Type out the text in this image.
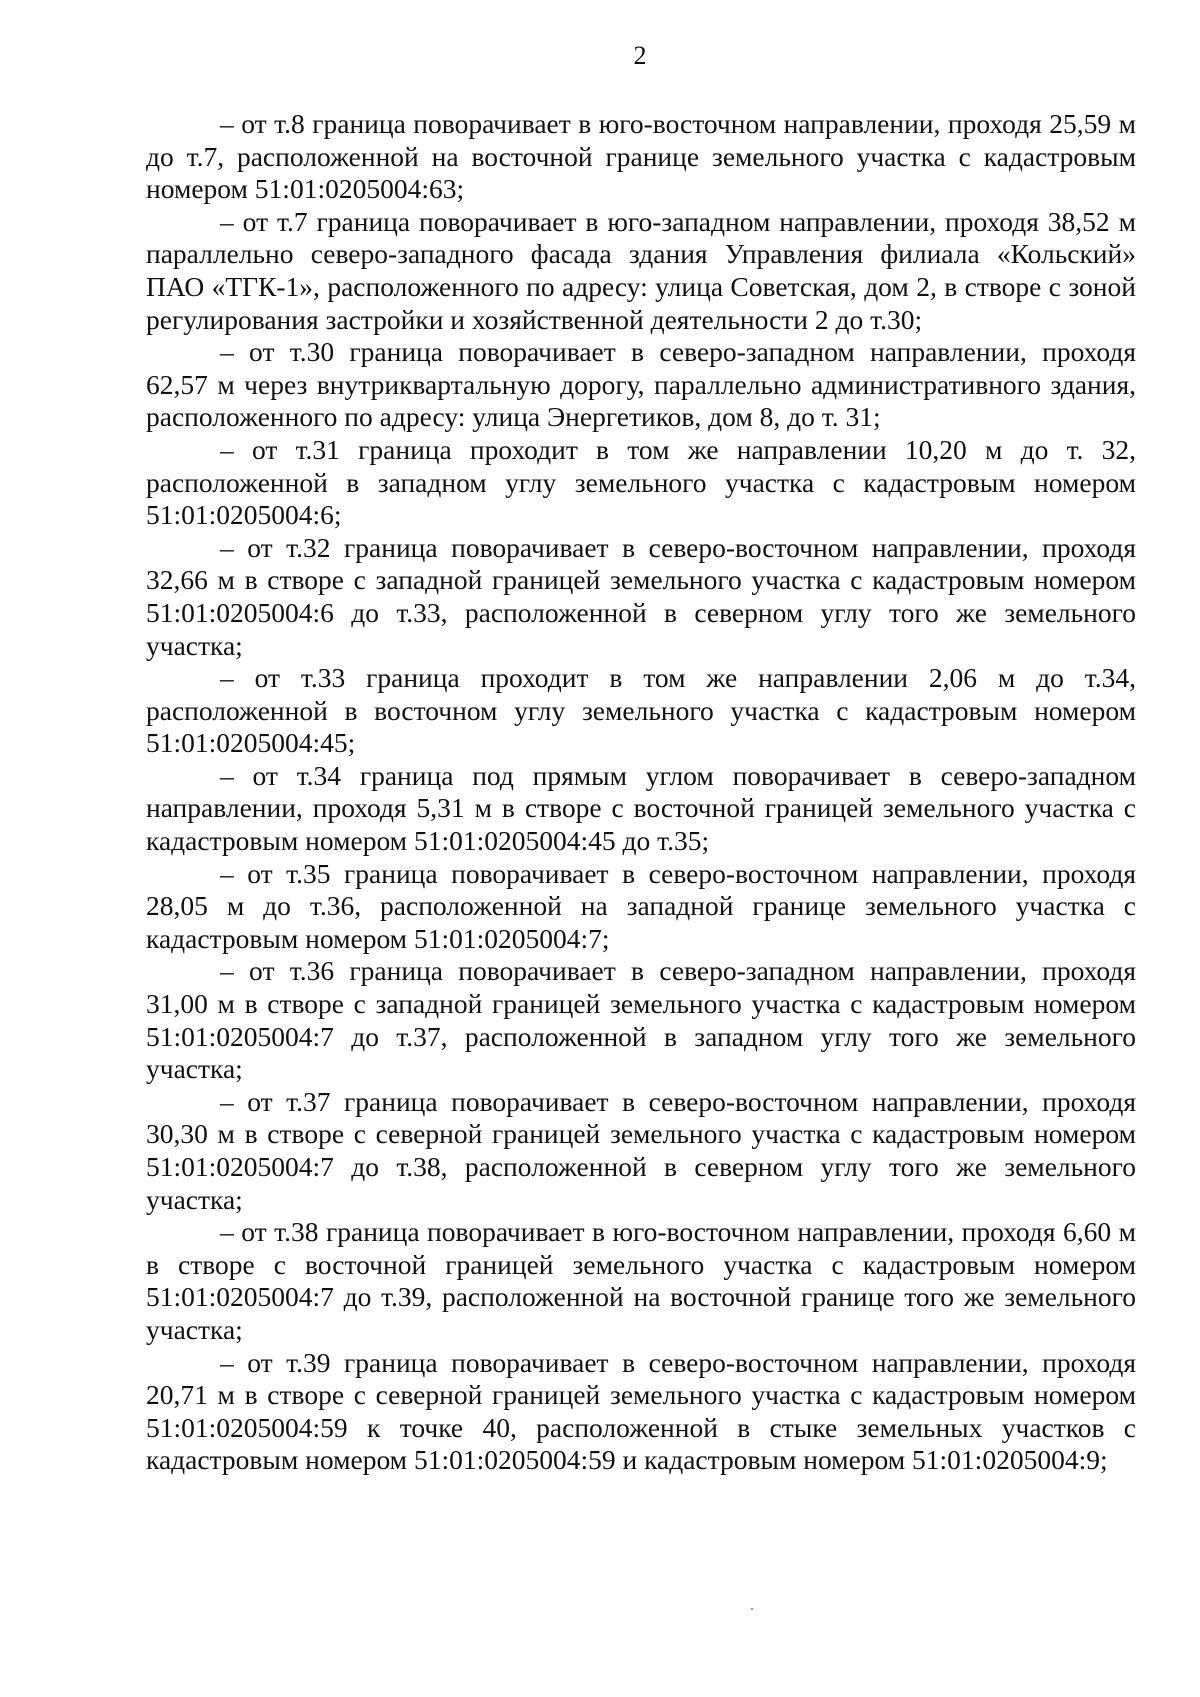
2

– от т.8 граница поворачивает в юго-восточном направлении, проходя 25,59 м до т.7, расположенной на восточной границе земельного участка с кадастровым номером 51:01:0205004:63;

– от т.7 граница поворачивает в юго-западном направлении, проходя 38,52 м параллельно северо-западного фасада здания Управления филиала «Кольский» ПАО «ТГК-1», расположенного по адресу: улица Советская, дом 2, в створе с зоной регулирования застройки и хозяйственной деятельности 2 до т.30;

– от т.30 граница поворачивает в северо-западном направлении, проходя 62,57 м через внутриквартальную дорогу, параллельно административного здания, расположенного по адресу: улица Энергетиков, дом 8, до т. 31;

– от т.31 граница проходит в том же направлении 10,20 м до т. 32, расположенной в западном углу земельного участка с кадастровым номером 51:01:0205004:6;

– от т.32 граница поворачивает в северо-восточном направлении, проходя 32,66 м в створе с западной границей земельного участка с кадастровым номером 51:01:0205004:6 до т.33, расположенной в северном углу того же земельного участка;

– от т.33 граница проходит в том же направлении 2,06 м до т.34, расположенной в восточном углу земельного участка с кадастровым номером 51:01:0205004:45;

– от т.34 граница под прямым углом поворачивает в северо-западном направлении, проходя 5,31 м в створе с восточной границей земельного участка с кадастровым номером 51:01:0205004:45 до т.35;

– от т.35 граница поворачивает в северо-восточном направлении, проходя 28,05 м до т.36, расположенной на западной границе земельного участка с кадастровым номером 51:01:0205004:7;

– от т.36 граница поворачивает в северо-западном направлении, проходя 31,00 м в створе с западной границей земельного участка с кадастровым номером 51:01:0205004:7 до т.37, расположенной в западном углу того же земельного участка;

– от т.37 граница поворачивает в северо-восточном направлении, проходя 30,30 м в створе с северной границей земельного участка с кадастровым номером 51:01:0205004:7 до т.38, расположенной в северном углу того же земельного участка;

– от т.38 граница поворачивает в юго-восточном направлении, проходя 6,60 м в створе с восточной границей земельного участка с кадастровым номером 51:01:0205004:7 до т.39, расположенной на восточной границе того же земельного участка;

– от т.39 граница поворачивает в северо-восточном направлении, проходя 20,71 м в створе с северной границей земельного участка с кадастровым номером 51:01:0205004:59 к точке 40, расположенной в стыке земельных участков с кадастровым номером 51:01:0205004:59 и кадастровым номером 51:01:0205004:9;
